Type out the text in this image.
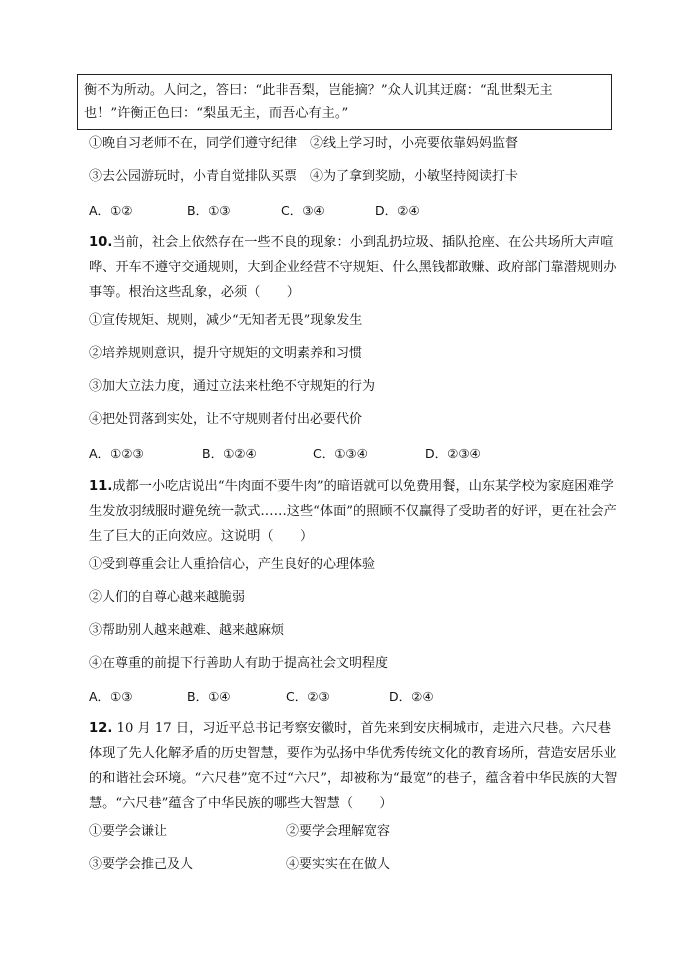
衡不为所动。人问之，答曰：“此非吾梨，岂能摘？”众人讥其迂腐：“乱世梨无主
也！”许衡正色曰：“梨虽无主，而吾心有主。”
①晚自习老师不在，同学们遵守纪律　②线上学习时，小亮要依靠妈妈监督
③去公园游玩时，小青自觉排队买票　④为了拿到奖励，小敏坚持阅读打卡
A．①②	B．①③	C．③④	D．②④
10.当前，社会上依然存在一些不良的现象：小到乱扔垃圾、插队抢座、在公共场所大声喧哗、开车不遵守交通规则，大到企业经营不守规矩、什么黑钱都敢赚、政府部门靠潜规则办事等。根治这些乱象，必须（　　）
①宣传规矩、规则，减少“无知者无畏”现象发生
②培养规则意识，提升守规矩的文明素养和习惯
③加大立法力度，通过立法来杜绝不守规矩的行为
④把处罚落到实处，让不守规则者付出必要代价
A．①②③	B．①②④	C．①③④	D．②③④
11.成都一小吃店说出“牛肉面不要牛肉”的暗语就可以免费用餐，山东某学校为家庭困难学生发放羽绒服时避免统一款式……这些“体面”的照顾不仅赢得了受助者的好评，更在社会产生了巨大的正向效应。这说明（　　）
①受到尊重会让人重拾信心，产生良好的心理体验
②人们的自尊心越来越脆弱
③帮助别人越来越难、越来越麻烦
④在尊重的前提下行善助人有助于提高社会文明程度
A．①③	B．①④	C．②③	D．②④
12. 10 月 17 日，习近平总书记考察安徽时，首先来到安庆桐城市，走进六尺巷。六尺巷体现了先人化解矛盾的历史智慧，要作为弘扬中华优秀传统文化的教育场所，营造安居乐业的和谐社会环境。“六尺巷”宽不过“六尺”，却被称为“最宽”的巷子，蕴含着中华民族的大智慧。“六尺巷”蕴含了中华民族的哪些大智慧（　　）
①要学会谦让	②要学会理解宽容
③要学会推己及人	④要实实在在做人
